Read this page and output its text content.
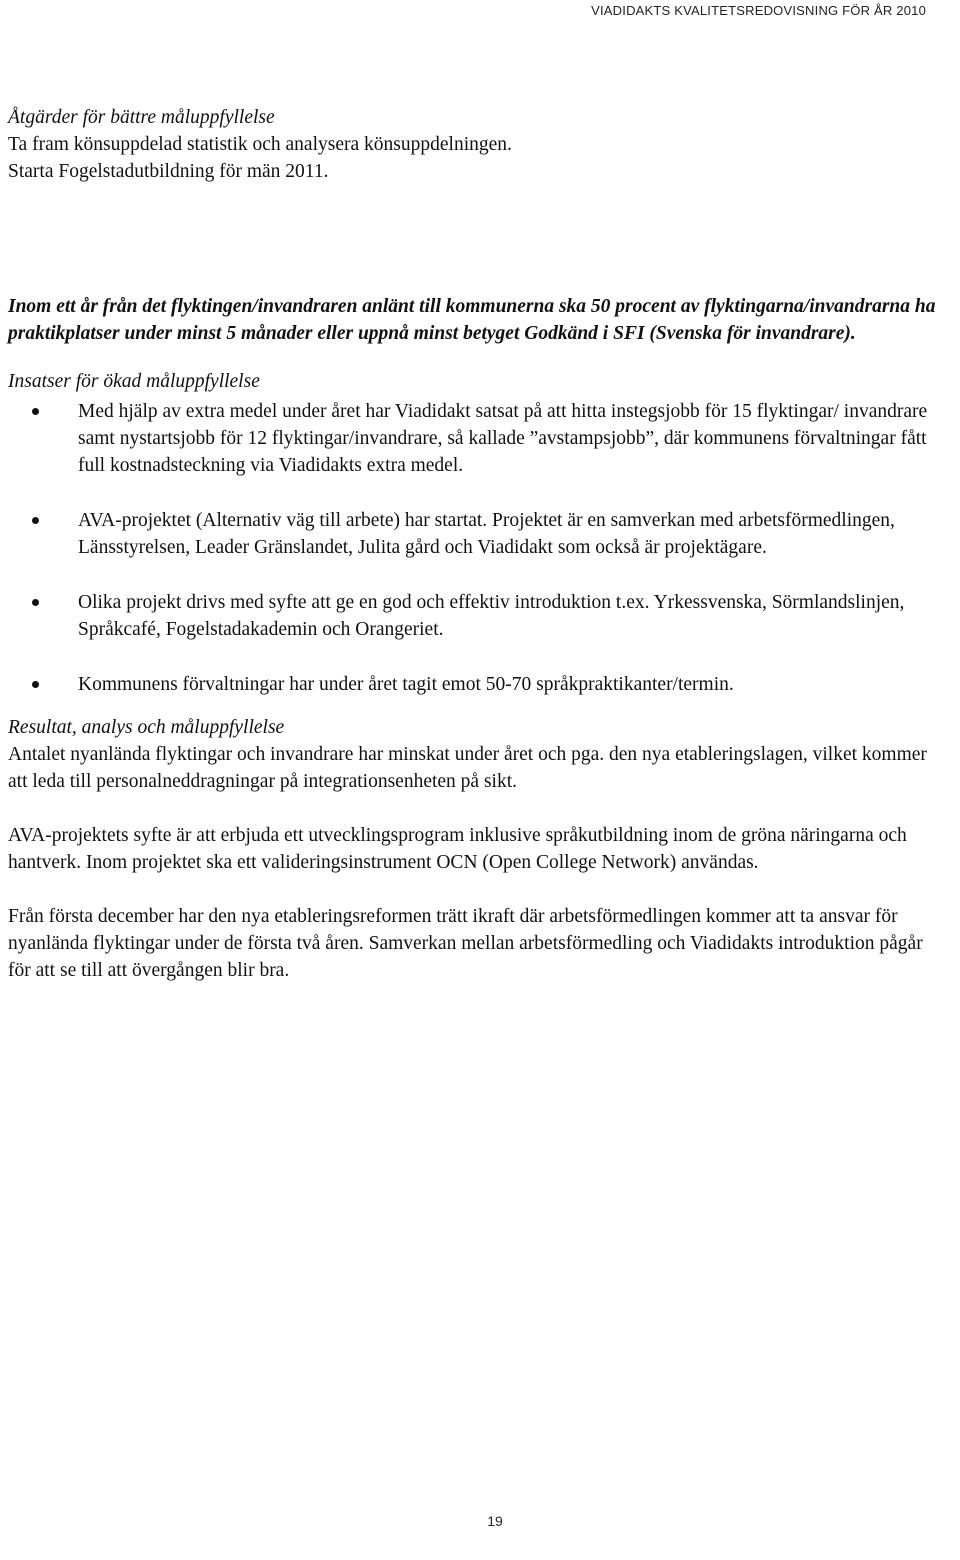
VIADIDAKTS KVALITETSREDOVISNING FÖR ÅR 2010

Åtgärder för bättre måluppfyllelse

Ta fram könsuppdelad statistik och analysera könsuppdelningen.

Starta Fogelstadutbildning för män 2011.

Inom ett år från det flyktingen/invandraren anlänt till kommunerna ska 50 procent av flyktingarna/invandrarna ha praktikplatser under minst 5 månader eller uppnå minst betyget Godkänd i SFI (Svenska för invandrare).

Insatser för ökad måluppfyllelse

Med hjälp av extra medel under året har Viadidakt satsat på att hitta instegsjobb för 15 flyktingar/ invandrare samt nystartsjobb för 12 flyktingar/invandrare, så kallade ”avstampsjobb”, där kommunens förvaltningar fått full kostnadsteckning via Viadidakts extra medel.
AVA-projektet (Alternativ väg till arbete) har startat. Projektet är en samverkan med arbetsförmedlingen, Länsstyrelsen, Leader Gränslandet, Julita gård och Viadidakt som också är projektägare.
Olika projekt drivs med syfte att ge en god och effektiv introduktion t.ex. Yrkessvenska, Sörmlandslinjen, Språkcafé, Fogelstadakademin och Orangeriet.
Kommunens förvaltningar har under året tagit emot 50-70 språkpraktikanter/termin.

Resultat, analys och måluppfyllelse

Antalet nyanlända flyktingar och invandrare har minskat under året och pga. den nya etableringslagen, vilket kommer att leda till personalneddragningar på integrationsenheten på sikt.

AVA-projektets syfte är att erbjuda ett utvecklingsprogram inklusive språkutbildning inom de gröna näringarna och hantverk. Inom projektet ska ett valideringsinstrument OCN (Open College Network) användas.

Från första december har den nya etableringsreformen trätt ikraft där arbetsförmedlingen kommer att ta ansvar för nyanlända flyktingar under de första två åren. Samverkan mellan arbetsförmedling och Viadidakts introduktion pågår för att se till att övergången blir bra.

19
